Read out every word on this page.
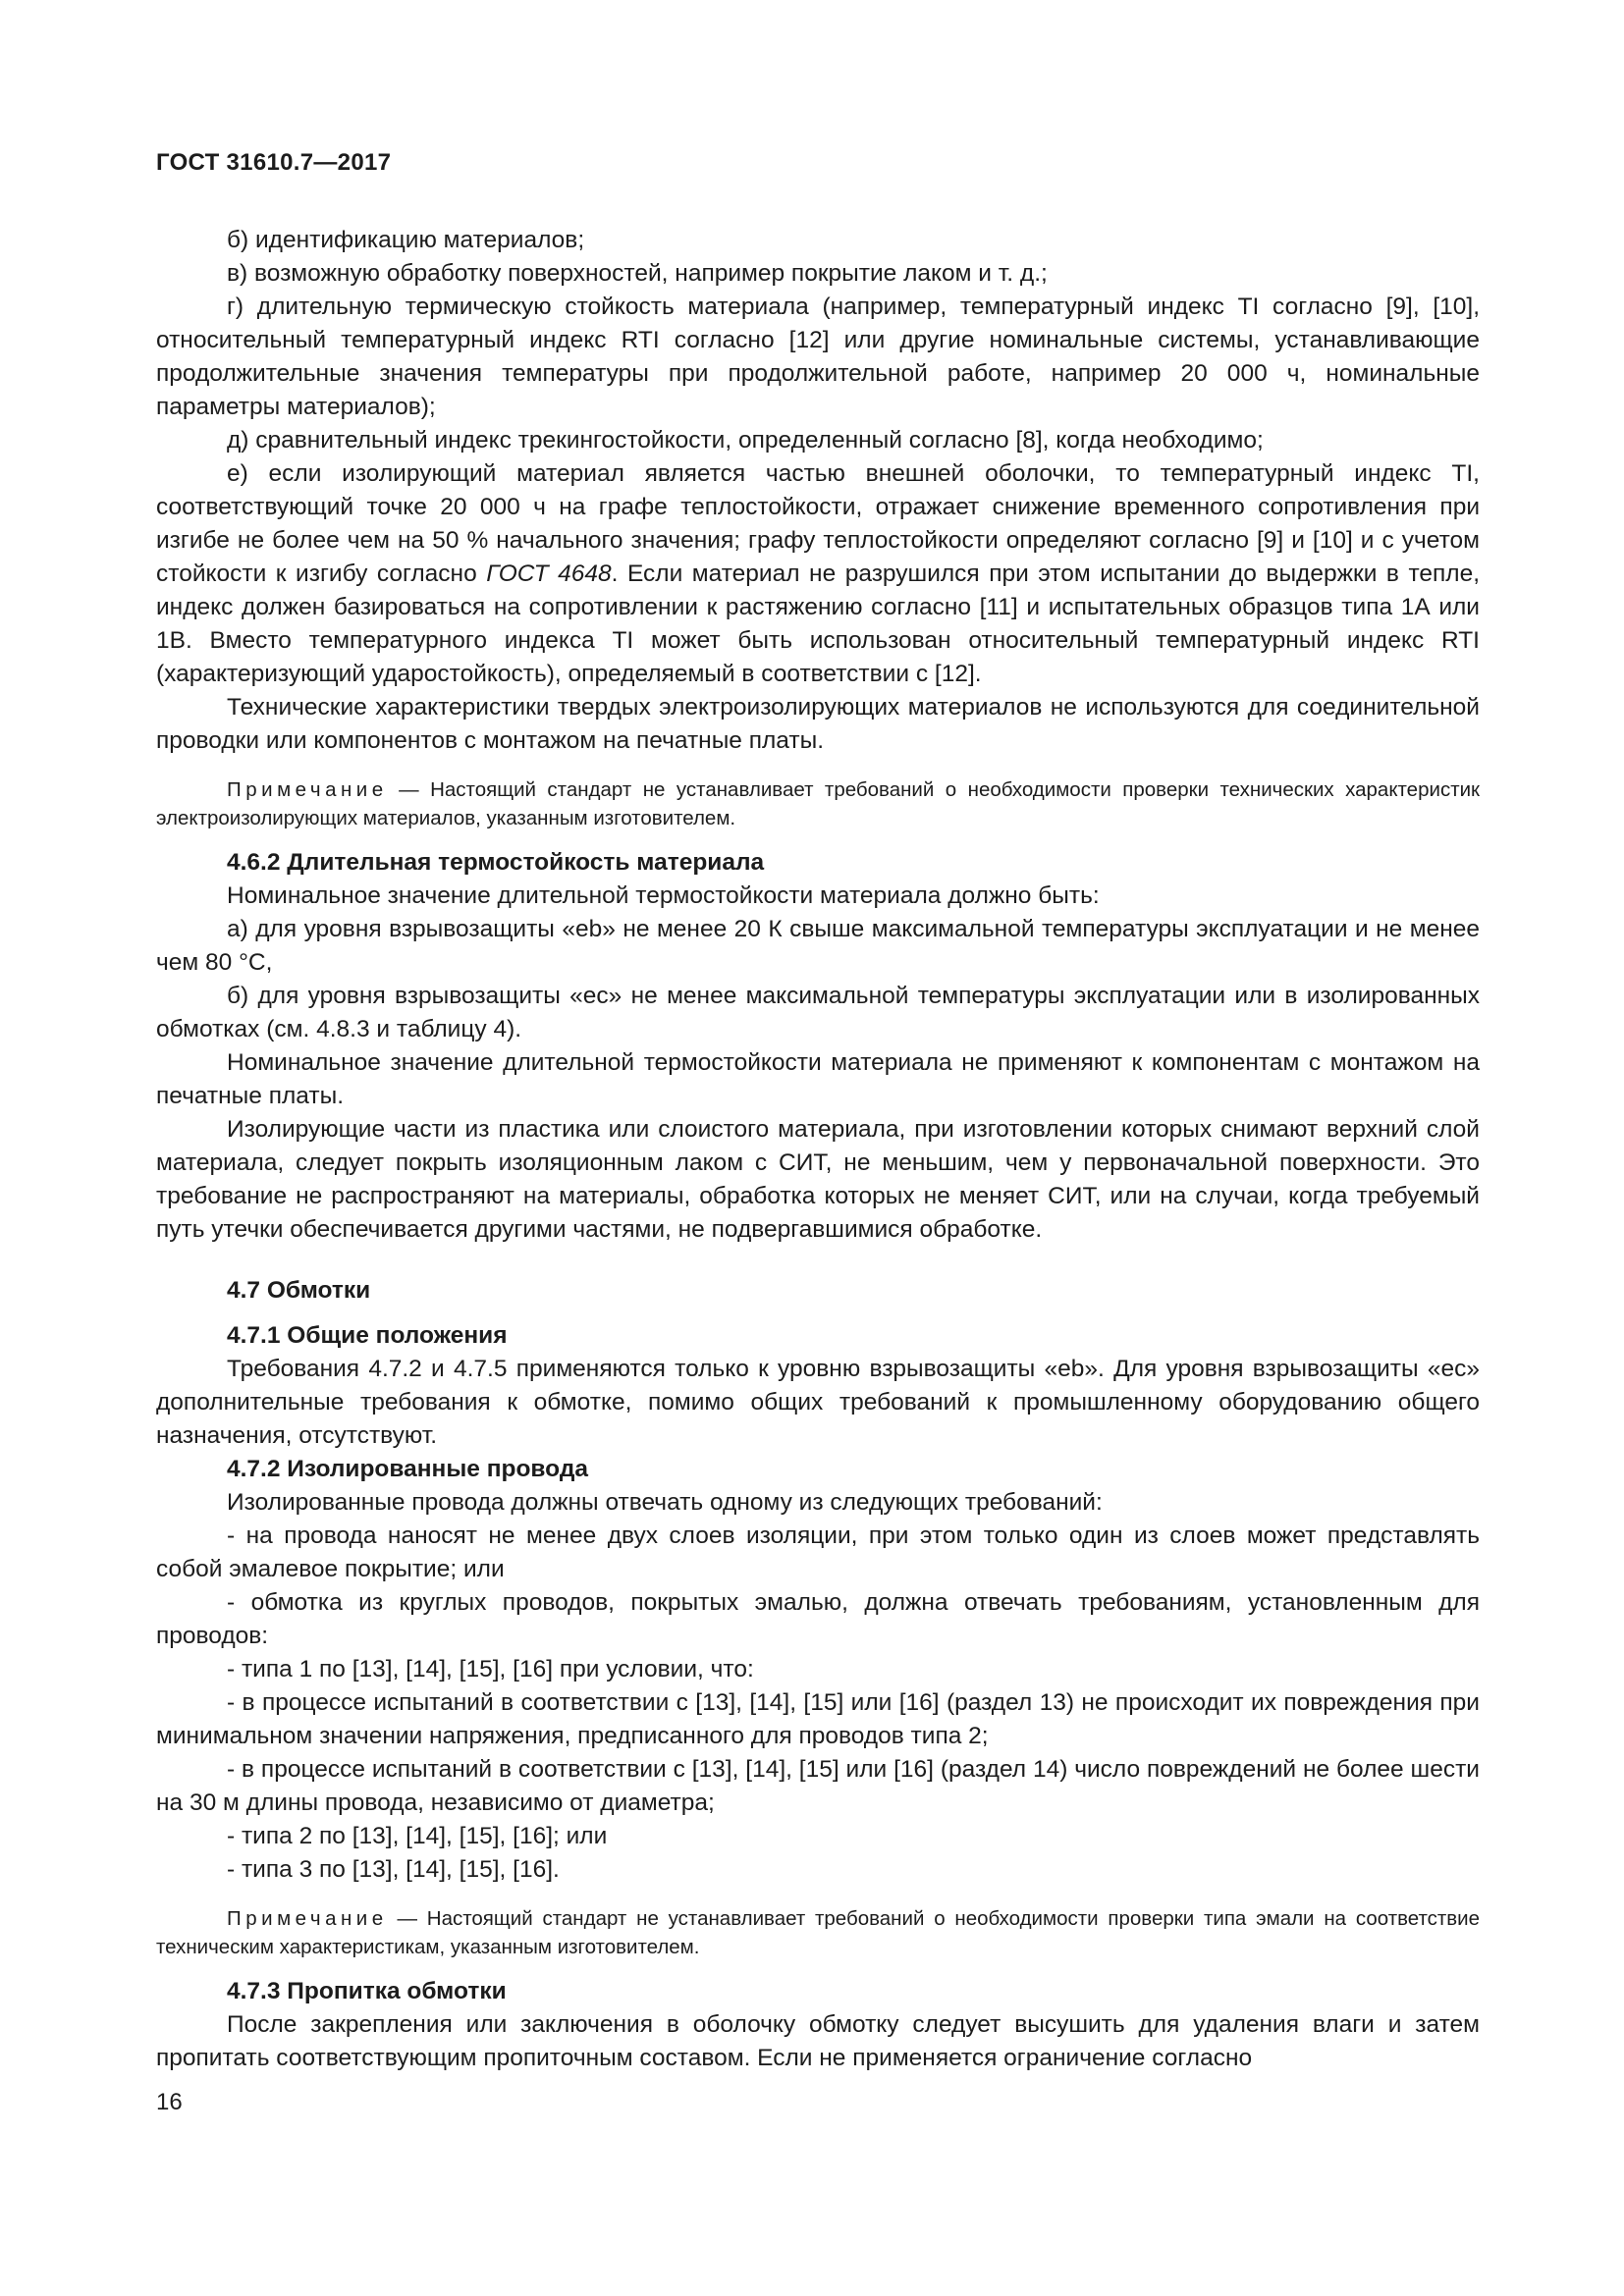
ГОСТ 31610.7—2017

б) идентификацию материалов;

в) возможную обработку поверхностей, например покрытие лаком и т. д.;

г) длительную термическую стойкость материала (например, температурный индекс TI согласно [9], [10], относительный температурный индекс RTI согласно [12] или другие номинальные системы, устанавливающие продолжительные значения температуры при продолжительной работе, например 20 000 ч, номинальные параметры материалов);

д) сравнительный индекс трекингостойкости, определенный согласно [8], когда необходимо;

е) если изолирующий материал является частью внешней оболочки, то температурный индекс TI, соответствующий точке 20 000 ч на графе теплостойкости, отражает снижение временного сопротивления при изгибе не более чем на 50 % начального значения; графу теплостойкости определяют согласно [9] и [10] и с учетом стойкости к изгибу согласно ГОСТ 4648. Если материал не разрушился при этом испытании до выдержки в тепле, индекс должен базироваться на сопротивлении к растяжению согласно [11] и испытательных образцов типа 1А или 1В. Вместо температурного индекса TI может быть использован относительный температурный индекс RTI (характеризующий ударостойкость), определяемый в соответствии с [12].

Технические характеристики твердых электроизолирующих материалов не используются для соединительной проводки или компонентов с монтажом на печатные платы.

Примечание — Настоящий стандарт не устанавливает требований о необходимости проверки технических характеристик электроизолирующих материалов, указанным изготовителем.

4.6.2 Длительная термостойкость материала

Номинальное значение длительной термостойкости материала должно быть:

а) для уровня взрывозащиты «eb» не менее 20 К свыше максимальной температуры эксплуатации и не менее чем 80 °С,

б) для уровня взрывозащиты «ec» не менее максимальной температуры эксплуатации или в изолированных обмотках (см. 4.8.3 и таблицу 4).

Номинальное значение длительной термостойкости материала не применяют к компонентам с монтажом на печатные платы.

Изолирующие части из пластика или слоистого материала, при изготовлении которых снимают верхний слой материала, следует покрыть изоляционным лаком с СИТ, не меньшим, чем у первоначальной поверхности. Это требование не распространяют на материалы, обработка которых не меняет СИТ, или на случаи, когда требуемый путь утечки обеспечивается другими частями, не подвергавшимися обработке.

4.7 Обмотки

4.7.1 Общие положения

Требования 4.7.2 и 4.7.5 применяются только к уровню взрывозащиты «eb». Для уровня взрывозащиты «ec» дополнительные требования к обмотке, помимо общих требований к промышленному оборудованию общего назначения, отсутствуют.

4.7.2 Изолированные провода

Изолированные провода должны отвечать одному из следующих требований:

- на провода наносят не менее двух слоев изоляции, при этом только один из слоев может представлять собой эмалевое покрытие; или

- обмотка из круглых проводов, покрытых эмалью, должна отвечать требованиям, установленным для проводов:

- типа 1 по [13], [14], [15], [16] при условии, что:

- в процессе испытаний в соответствии с [13], [14], [15] или [16] (раздел 13) не происходит их повреждения при минимальном значении напряжения, предписанного для проводов типа 2;

- в процессе испытаний в соответствии с [13], [14], [15] или [16] (раздел 14) число повреждений не более шести на 30 м длины провода, независимо от диаметра;

- типа 2 по [13], [14], [15], [16]; или

- типа 3 по [13], [14], [15], [16].

Примечание — Настоящий стандарт не устанавливает требований о необходимости проверки типа эмали на соответствие техническим характеристикам, указанным изготовителем.

4.7.3 Пропитка обмотки

После закрепления или заключения в оболочку обмотку следует высушить для удаления влаги и затем пропитать соответствующим пропиточным составом. Если не применяется ограничение согласно

16
